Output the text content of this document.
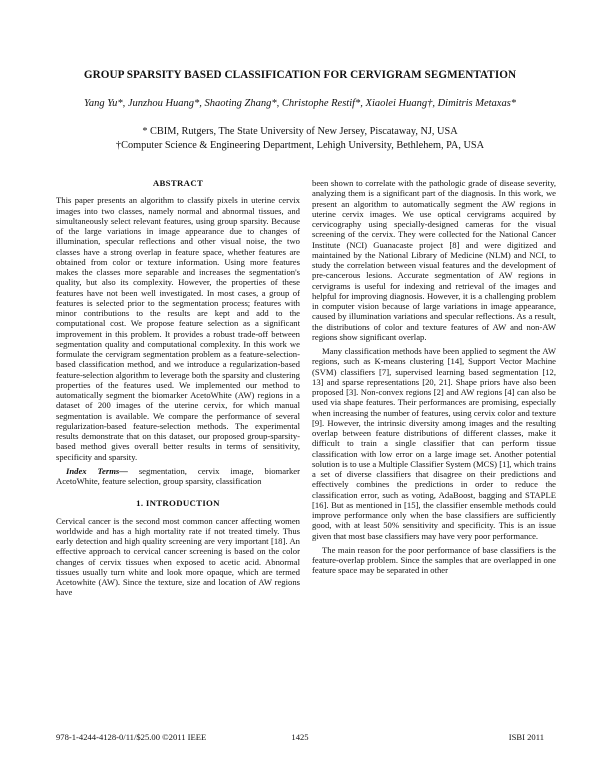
GROUP SPARSITY BASED CLASSIFICATION FOR CERVIGRAM SEGMENTATION
Yang Yu*, Junzhou Huang*, Shaoting Zhang*, Christophe Restif*, Xiaolei Huang†, Dimitris Metaxas*
* CBIM, Rutgers, The State University of New Jersey, Piscataway, NJ, USA
†Computer Science & Engineering Department, Lehigh University, Bethlehem, PA, USA
ABSTRACT

This paper presents an algorithm to classify pixels in uterine cervix images into two classes, namely normal and abnormal tissues, and simultaneously select relevant features, using group sparsity. Because of the large variations in image appearance due to changes of illumination, specular reflections and other visual noise, the two classes have a strong overlap in feature space, whether features are obtained from color or texture information. Using more features makes the classes more separable and increases the segmentation's quality, but also its complexity. However, the properties of these features have not been well investigated. In most cases, a group of features is selected prior to the segmentation process; features with minor contributions to the results are kept and add to the computational cost. We propose feature selection as a significant improvement in this problem. It provides a robust trade-off between segmentation quality and computational complexity. In this work we formulate the cervigram segmentation problem as a feature-selection-based classification method, and we introduce a regularization-based feature-selection algorithm to leverage both the sparsity and clustering properties of the features used. We implemented our method to automatically segment the biomarker AcetoWhite (AW) regions in a dataset of 200 images of the uterine cervix, for which manual segmentation is available. We compare the performance of several regularization-based feature-selection methods. The experimental results demonstrate that on this dataset, our proposed group-sparsity-based method gives overall better results in terms of sensitivity, specificity and sparsity.

Index Terms— segmentation, cervix image, biomarker AcetoWhite, feature selection, group sparsity, classification

1. INTRODUCTION

Cervical cancer is the second most common cancer affecting women worldwide and has a high mortality rate if not treated timely. Thus early detection and high quality screening are very important [18]. An effective approach to cervical cancer screening is based on the color changes of cervix tissues when exposed to acetic acid. Abnormal tissues usually turn white and look more opaque, which are termed Acetowhite (AW). Since the texture, size and location of AW regions have

been shown to correlate with the pathologic grade of disease severity, analyzing them is a significant part of the diagnosis. In this work, we present an algorithm to automatically segment the AW regions in uterine cervix images. We use optical cervigrams acquired by cervicography using specially-designed cameras for the visual screening of the cervix. They were collected for the National Cancer Institute (NCI) Guanacaste project [8] and were digitized and maintained by the National Library of Medicine (NLM) and NCI, to study the correlation between visual features and the development of pre-cancerous lesions. Accurate segmentation of AW regions in cervigrams is useful for indexing and retrieval of the images and helpful for improving diagnosis. However, it is a challenging problem in computer vision because of large variations in image appearance, caused by illumination variations and specular reflections. As a result, the distributions of color and texture features of AW and non-AW regions show significant overlap.

Many classification methods have been applied to segment the AW regions, such as K-means clustering [14], Support Vector Machine (SVM) classifiers [7], supervised learning based segmentation [12, 13] and sparse representations [20, 21]. Shape priors have also been proposed [3]. Non-convex regions [2] and AW regions [4] can also be used via shape features. Their performances are promising, especially when increasing the number of features, using cervix color and texture [9]. However, the intrinsic diversity among images and the resulting overlap between feature distributions of different classes, make it difficult to train a single classifier that can perform tissue classification with low error on a large image set. Another potential solution is to use a Multiple Classifier System (MCS) [1], which trains a set of diverse classifiers that disagree on their predictions and effectively combines the predictions in order to reduce the classification error, such as voting, AdaBoost, bagging and STAPLE [16]. But as mentioned in [15], the classifier ensemble methods could improve performance only when the base classifiers are sufficiently good, with at least 50% sensitivity and specificity. This is an issue given that most base classifiers may have very poor performance.

The main reason for the poor performance of base classifiers is the feature-overlap problem. Since the samples that are overlapped in one feature space may be separated in other

978-1-4244-4128-0/11/$25.00 ©2011 IEEE	1425	ISBI 2011
